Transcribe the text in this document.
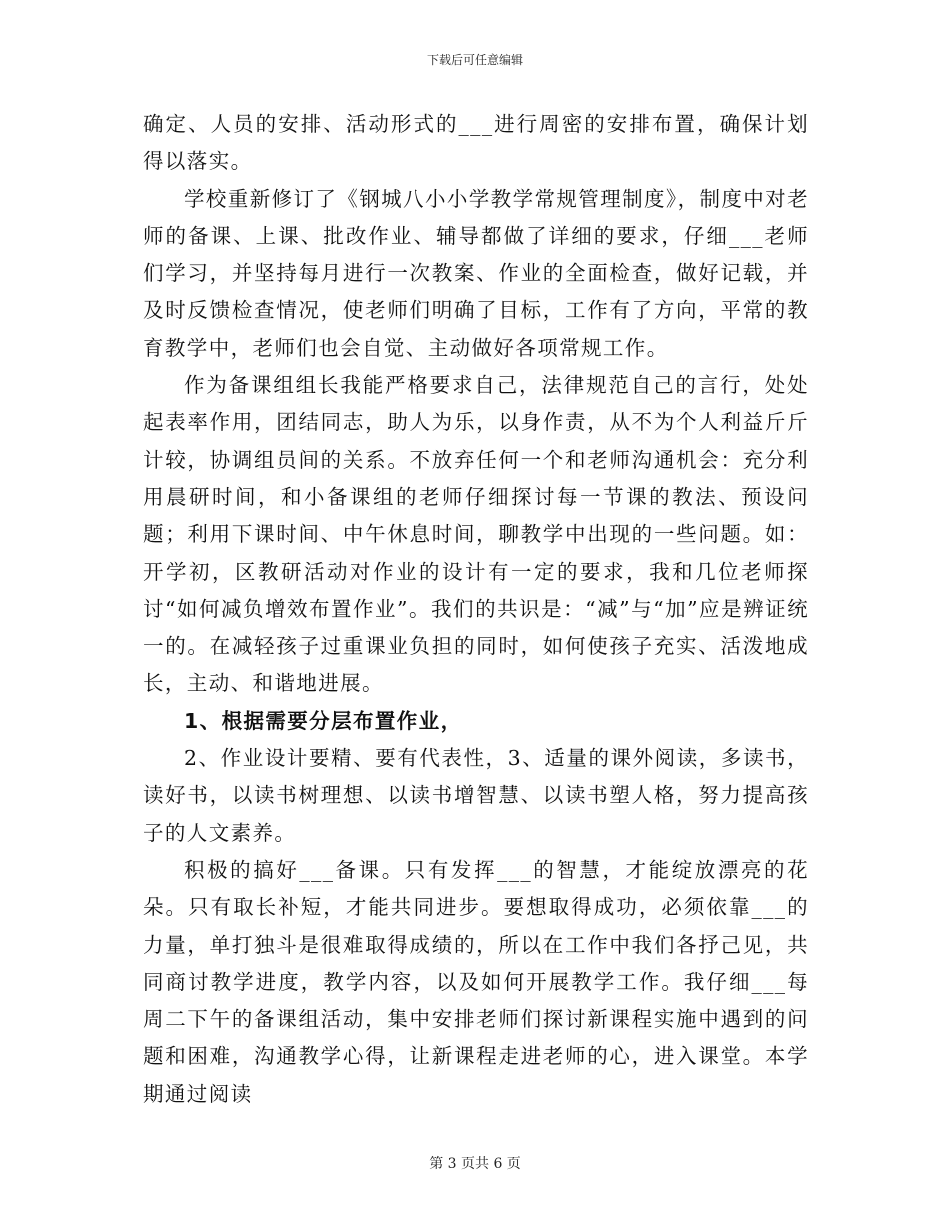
下载后可任意编辑

确定、人员的安排、活动形式的___进行周密的安排布置，确保计划得以落实。

学校重新修订了《钢城八小小学教学常规管理制度》，制度中对老师的备课、上课、批改作业、辅导都做了详细的要求，仔细___老师们学习，并坚持每月进行一次教案、作业的全面检查，做好记载，并及时反馈检查情况，使老师们明确了目标，工作有了方向，平常的教育教学中，老师们也会自觉、主动做好各项常规工作。

作为备课组组长我能严格要求自己，法律规范自己的言行，处处起表率作用，团结同志，助人为乐，以身作责，从不为个人利益斤斤计较，协调组员间的关系。不放弃任何一个和老师沟通机会：充分利用晨研时间，和小备课组的老师仔细探讨每一节课的教法、预设问题；利用下课时间、中午休息时间，聊教学中出现的一些问题。如：开学初，区教研活动对作业的设计有一定的要求，我和几位老师探讨“如何减负增效布置作业”。我们的共识是：“减”与“加”应是辨证统一的。在减轻孩子过重课业负担的同时，如何使孩子充实、活泼地成长，主动、和谐地进展。

1、根据需要分层布置作业，

2、作业设计要精、要有代表性，3、适量的课外阅读，多读书，读好书，以读书树理想、以读书增智慧、以读书塑人格，努力提高孩子的人文素养。

积极的搞好___备课。只有发挥___的智慧，才能绽放漂亮的花朵。只有取长补短，才能共同进步。要想取得成功，必须依靠___的力量，单打独斗是很难取得成绩的，所以在工作中我们各抒己见，共同商讨教学进度，教学内容，以及如何开展教学工作。我仔细___每周二下午的备课组活动，集中安排老师们探讨新课程实施中遇到的问题和困难，沟通教学心得，让新课程走进老师的心，进入课堂。本学期通过阅读

第 3 页共 6 页
